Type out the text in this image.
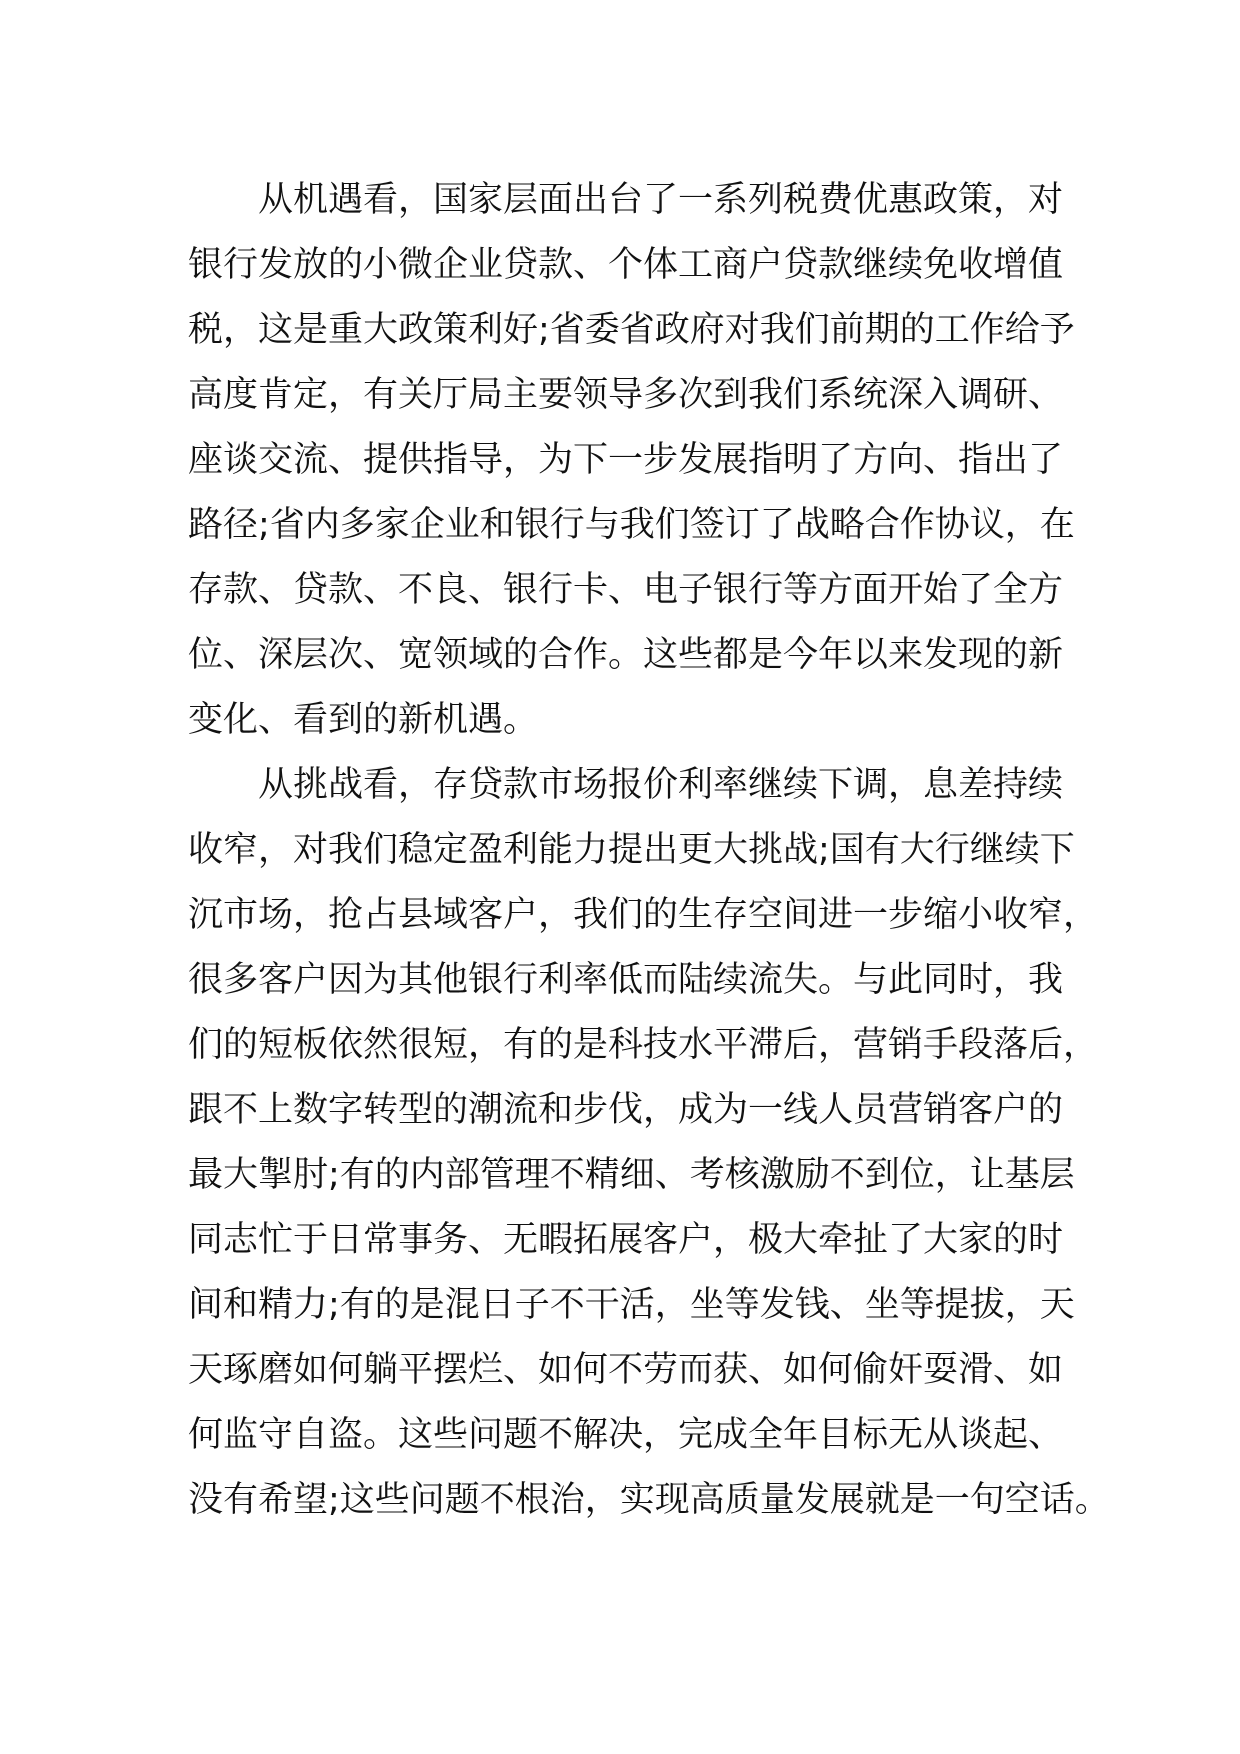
从机遇看，国家层面出台了一系列税费优惠政策，对
银行发放的小微企业贷款、个体工商户贷款继续免收增值
税，这是重大政策利好;省委省政府对我们前期的工作给予
高度肯定，有关厅局主要领导多次到我们系统深入调研、
座谈交流、提供指导，为下一步发展指明了方向、指出了
路径;省内多家企业和银行与我们签订了战略合作协议，在
存款、贷款、不良、银行卡、电子银行等方面开始了全方
位、深层次、宽领域的合作。这些都是今年以来发现的新
变化、看到的新机遇。

从挑战看，存贷款市场报价利率继续下调，息差持续
收窄，对我们稳定盈利能力提出更大挑战;国有大行继续下
沉市场，抢占县域客户，我们的生存空间进一步缩小收窄，
很多客户因为其他银行利率低而陆续流失。与此同时，我
们的短板依然很短，有的是科技水平滞后，营销手段落后，
跟不上数字转型的潮流和步伐，成为一线人员营销客户的
最大掣肘;有的内部管理不精细、考核激励不到位，让基层
同志忙于日常事务、无暇拓展客户，极大牵扯了大家的时
间和精力;有的是混日子不干活，坐等发钱、坐等提拔，天
天琢磨如何躺平摆烂、如何不劳而获、如何偷奸耍滑、如
何监守自盗。这些问题不解决，完成全年目标无从谈起、
没有希望;这些问题不根治，实现高质量发展就是一句空话。
